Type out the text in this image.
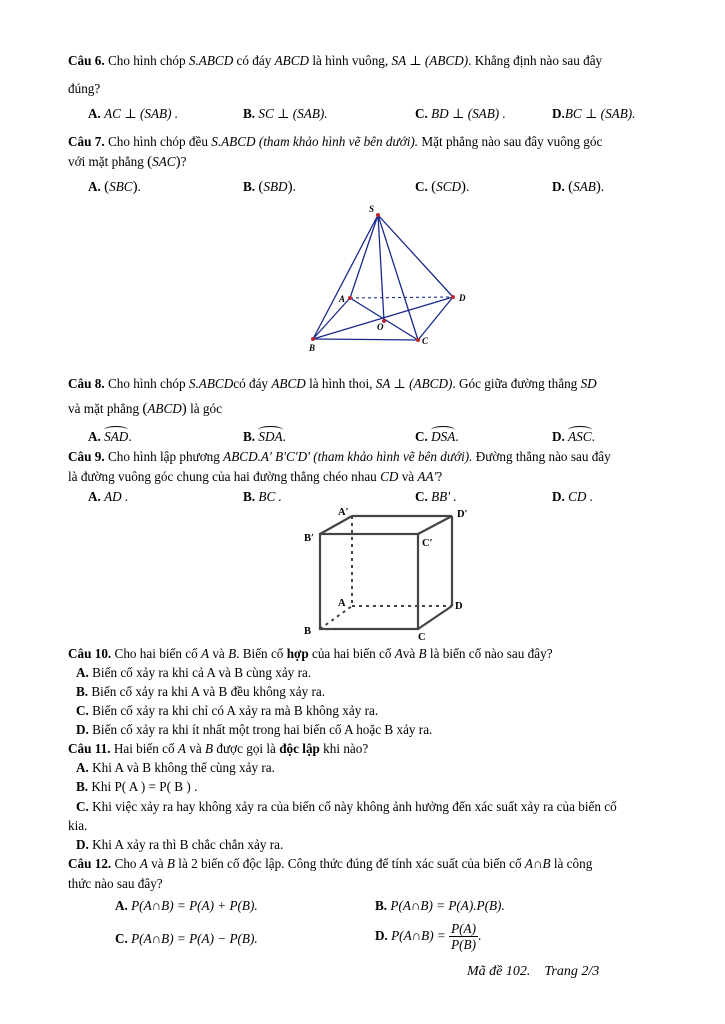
Câu 6. Cho hình chóp S.ABCD có đáy ABCD là hình vuông, SA ⊥ (ABCD). Khẳng định nào sau đây
đúng?
A. AC ⊥ (SAB) .	B. SC ⊥ (SAB).	C. BD ⊥ (SAB) .	D.BC ⊥ (SAB).
Câu 7. Cho hình chóp đều S.ABCD (tham khảo hình vẽ bên dưới). Mặt phẳng nào sau đây vuông góc
với mặt phẳng (SAC)?
A. (SBC).	B. (SBD).	C. (SCD).	D. (SAB).
S
A	D
B
C
O
Câu 8. Cho hình chóp S.ABCDcó đáy ABCD là hình thoi, SA ⊥ (ABCD). Góc giữa đường thẳng SD
và mặt phẳng (ABCD) là góc
A. SAD.	B. SDA.	C. DSA.	D. ASC.
Câu 9. Cho hình lập phương ABCD.A' B'C'D' (tham khảo hình vẽ bên dưới). Đường thẳng nào sau đây
là đường vuông góc chung của hai đường thẳng chéo nhau CD và AA'?
A. AD .	B. BC .	C. BB' .	D. CD .
A′	D′
B′	C′
A	D
B
C
Câu 10. Cho hai biến cố A và B. Biến cố hợp của hai biến cố Avà B là biến cố nào sau đây?
A. Biến cố xảy ra khi cả A và B cùng xảy ra.
B. Biến cố xảy ra khi A và B đều không xảy ra.
C. Biến cố xảy ra khi chỉ có A xảy ra mà B không xảy ra.
D. Biến cố xảy ra khi ít nhất một trong hai biến cố A hoặc B xảy ra.
Câu 11. Hai biến cố A và B được gọi là độc lập khi nào?
A. Khi A và B không thể cùng xảy ra.
B. Khi P( A ) = P( B ) .
C. Khi việc xảy ra hay không xảy ra của biến cố này không ảnh hưởng đến xác suất xảy ra của biến cố
kia.
D. Khi A xảy ra thì B chắc chắn xảy ra.
Câu 12. Cho A và B là 2 biến cố độc lập. Công thức đúng để tính xác suất của biến cố A∩B là công
thức nào sau đây?
A. P(A∩B) = P(A) + P(B).	B. P(A∩B) = P(A).P(B).
C. P(A∩B) = P(A) − P(B).	D. P(A∩B) = $\frac{P(A)}{P(B)}$ .
Mã đề 102. Trang 2/3
